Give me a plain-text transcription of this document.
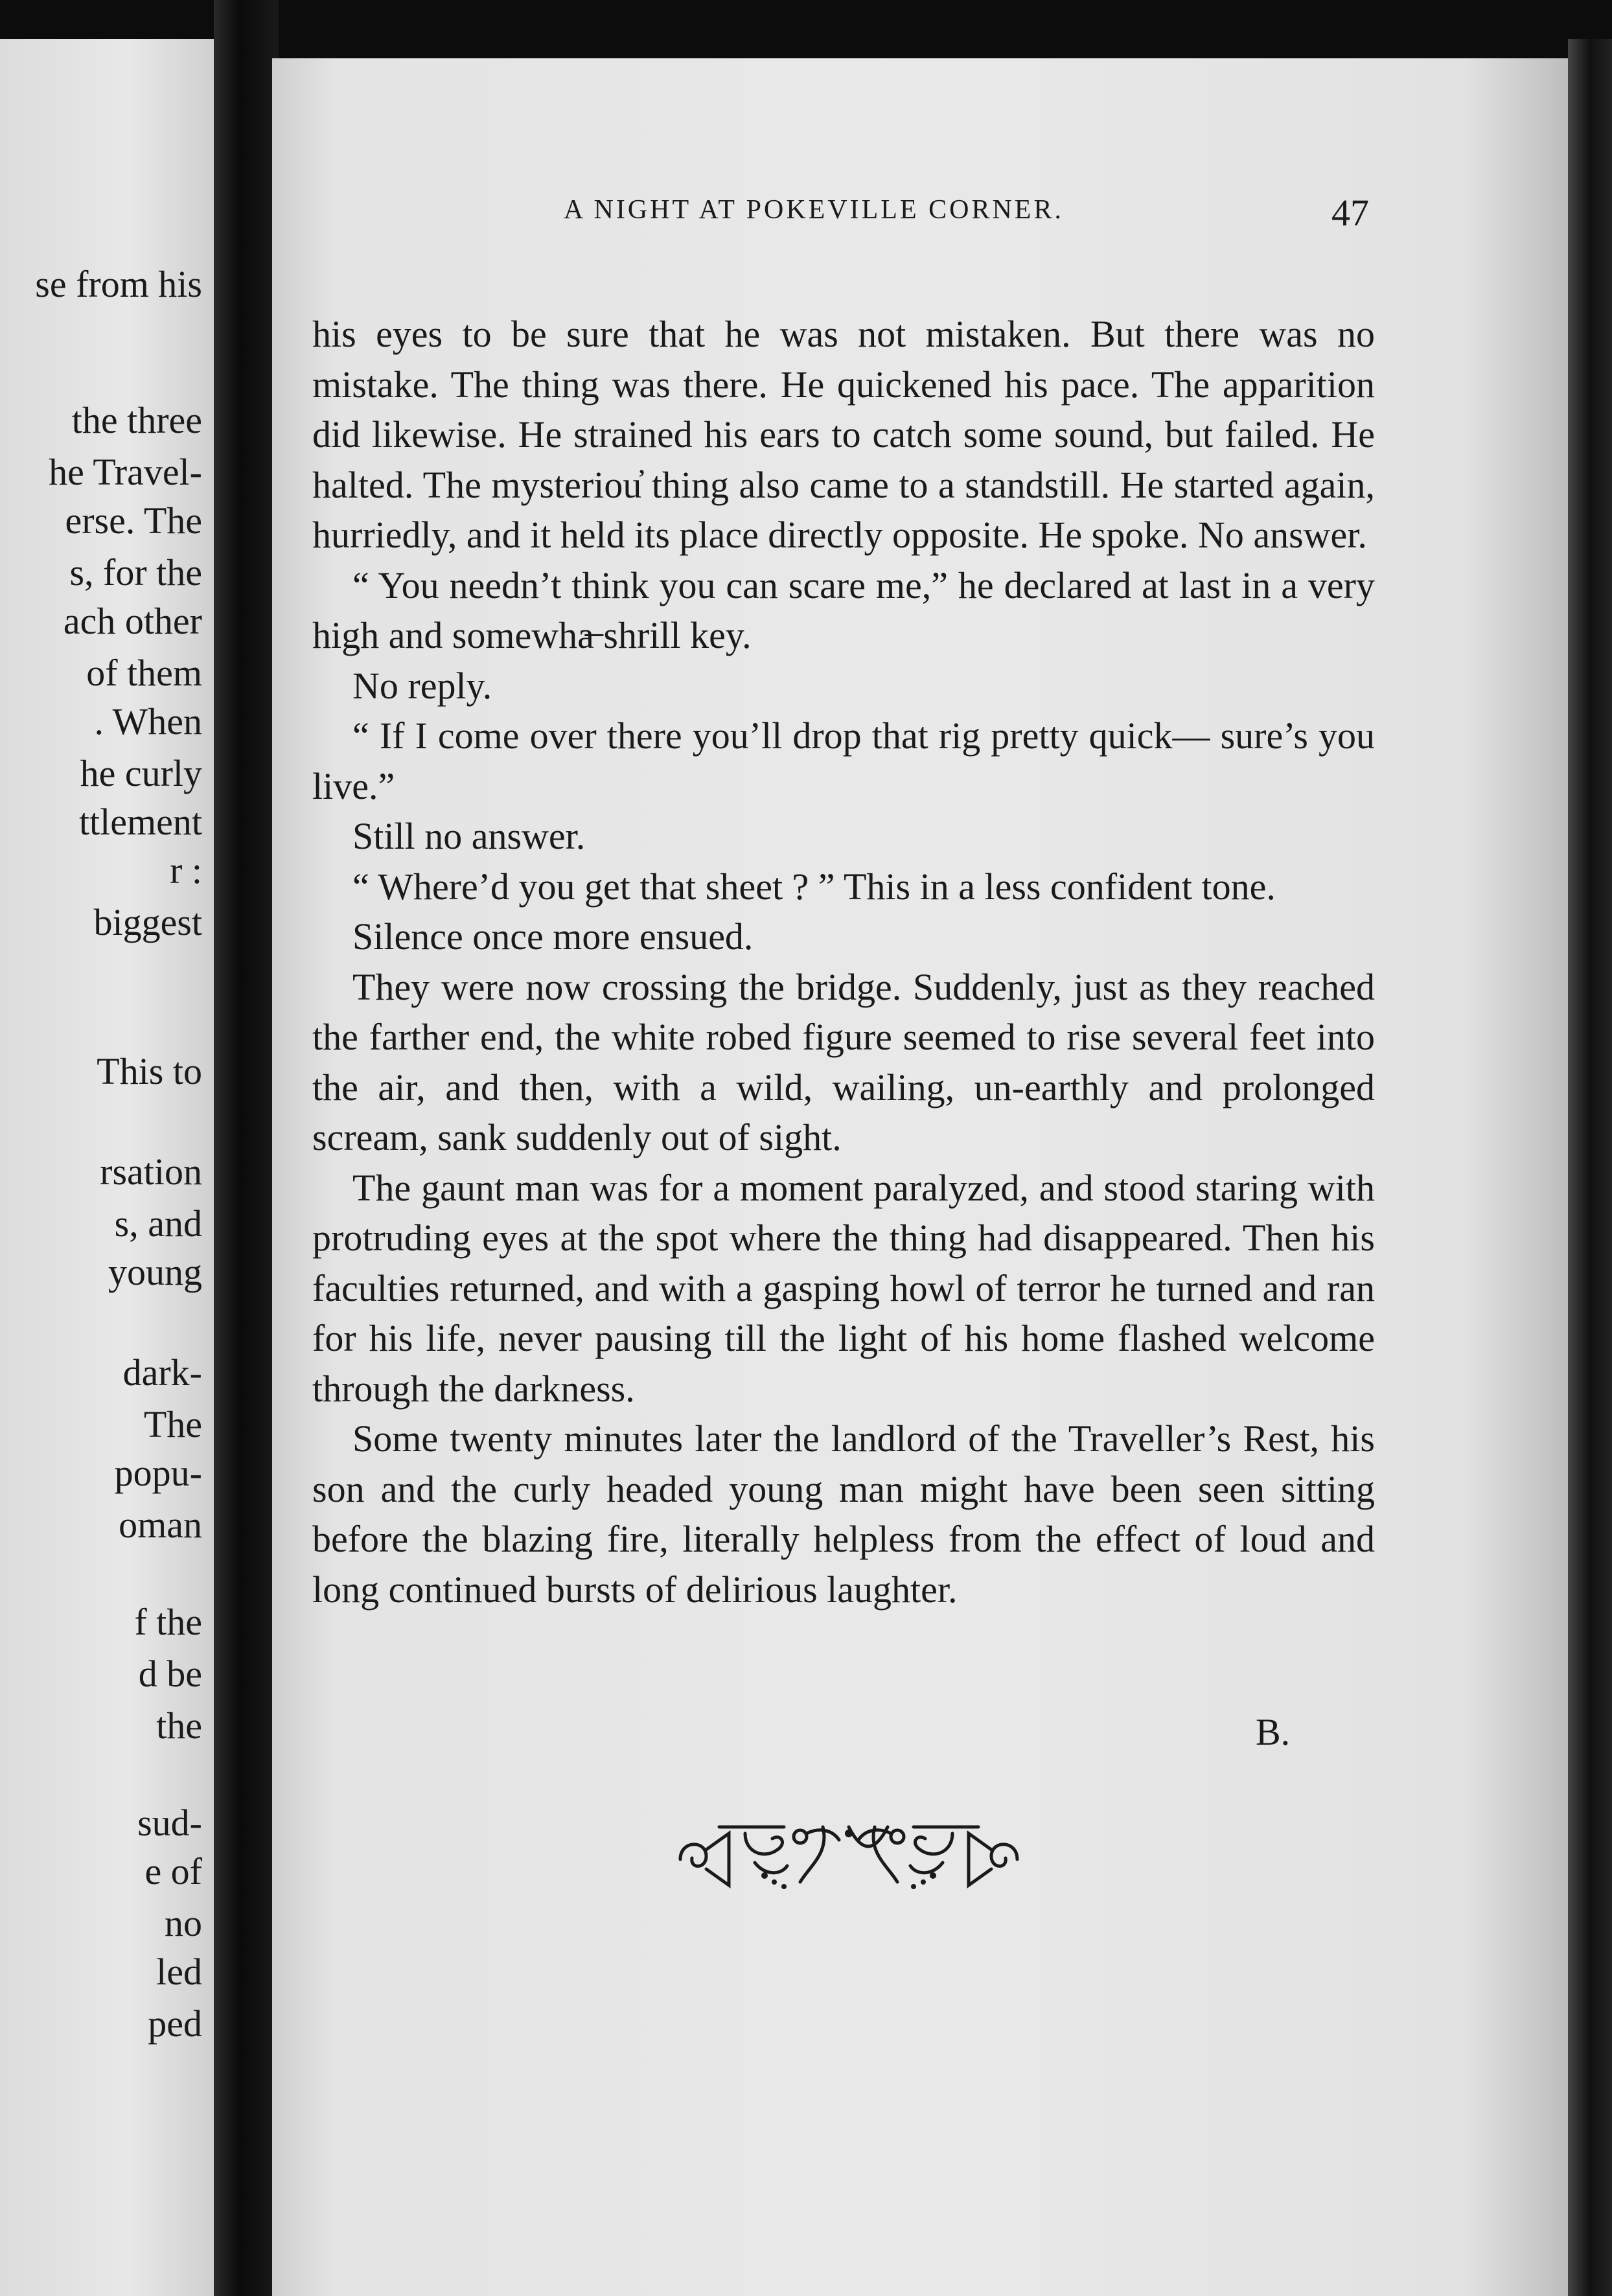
se from his
the three
he Travel-
erse. The
s, for the
ach other
of them
. When
he curly
ttlement
r :
biggest
This to
rsation
s, and
young
dark-
The
popu-
oman
f the
d be
the
sud-
e of
no
led
ped
A NIGHT AT POKEVILLE CORNER.	47

his eyes to be sure that he was not mistaken. But there was no mistake. The thing was there. He quickened his pace. The apparition did likewise. He strained his ears to catch some sound, but failed. He halted. The mysteriou҆ thing also came to a standstill. He started again, hurriedly, and it held its place directly opposite. He spoke. No answer.

“ You needn’t think you can scare me,” he declared at last in a very high and somewha̶ shrill key.

No reply.

“ If I come over there you’ll drop that rig pretty quick— sure’s you live.”

Still no answer.

“ Where’d you get that sheet ? ” This in a less confident tone.

Silence once more ensued.

They were now crossing the bridge. Suddenly, just as they reached the farther end, the white robed figure seemed to rise several feet into the air, and then, with a wild, wailing, un-earthly and prolonged scream, sank suddenly out of sight.

The gaunt man was for a moment paralyzed, and stood staring with protruding eyes at the spot where the thing had disappeared. Then his faculties returned, and with a gasping howl of terror he turned and ran for his life, never pausing till the light of his home flashed welcome through the darkness.

Some twenty minutes later the landlord of the Traveller’s Rest, his son and the curly headed young man might have been seen sitting before the blazing fire, literally helpless from the effect of loud and long continued bursts of delirious laughter.

B.
